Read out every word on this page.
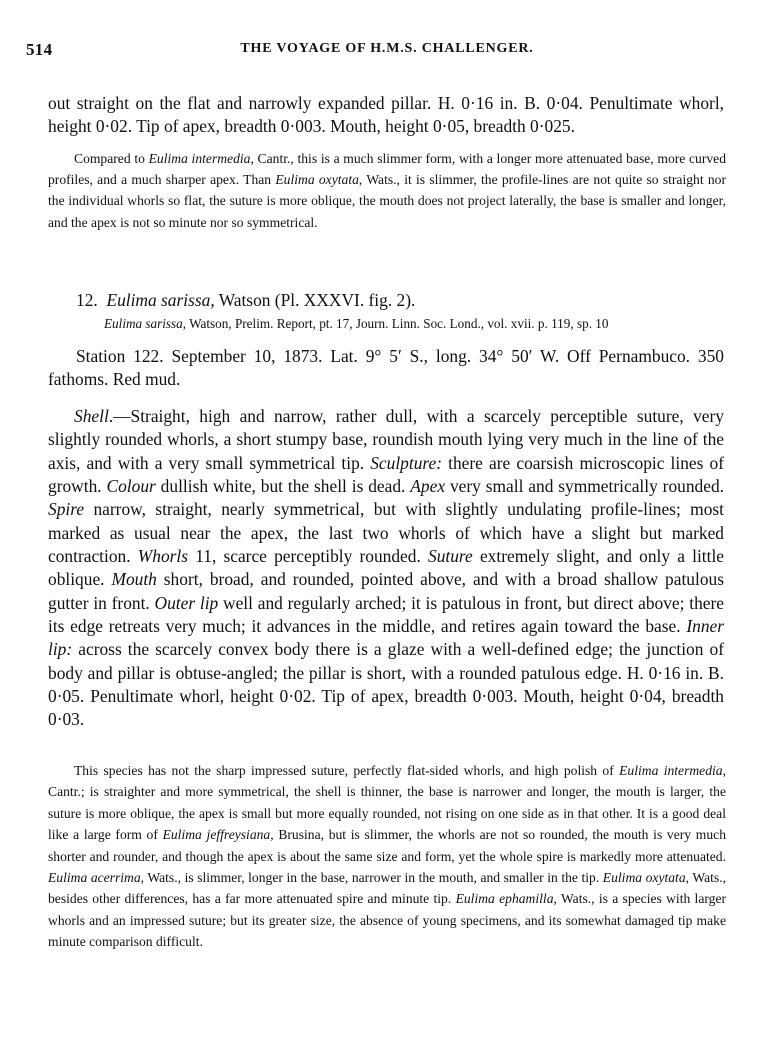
514	THE VOYAGE OF H.M.S. CHALLENGER.

out straight on the flat and narrowly expanded pillar. H. 0·16 in. B. 0·04. Penultimate whorl, height 0·02. Tip of apex, breadth 0·003. Mouth, height 0·05, breadth 0·025.

Compared to Eulima intermedia, Cantr., this is a much slimmer form, with a longer more attenuated base, more curved profiles, and a much sharper apex. Than Eulima oxytata, Wats., it is slimmer, the profile-lines are not quite so straight nor the individual whorls so flat, the suture is more oblique, the mouth does not project laterally, the base is smaller and longer, and the apex is not so minute nor so symmetrical.

12. Eulima sarissa, Watson (Pl. XXXVI. fig. 2).
Eulima sarissa, Watson, Prelim. Report, pt. 17, Journ. Linn. Soc. Lond., vol. xvii. p. 119, sp. 10

Station 122. September 10, 1873. Lat. 9° 5′ S., long. 34° 50′ W. Off Pernambuco. 350 fathoms. Red mud.

Shell.—Straight, high and narrow, rather dull, with a scarcely perceptible suture, very slightly rounded whorls, a short stumpy base, roundish mouth lying very much in the line of the axis, and with a very small symmetrical tip. Sculpture: there are coarsish microscopic lines of growth. Colour dullish white, but the shell is dead. Apex very small and symmetrically rounded. Spire narrow, straight, nearly symmetrical, but with slightly undulating profile-lines; most marked as usual near the apex, the last two whorls of which have a slight but marked contraction. Whorls 11, scarce perceptibly rounded. Suture extremely slight, and only a little oblique. Mouth short, broad, and rounded, pointed above, and with a broad shallow patulous gutter in front. Outer lip well and regularly arched; it is patulous in front, but direct above; there its edge retreats very much; it advances in the middle, and retires again toward the base. Inner lip: across the scarcely convex body there is a glaze with a well-defined edge; the junction of body and pillar is obtuse-angled; the pillar is short, with a rounded patulous edge. H. 0·16 in. B. 0·05. Penultimate whorl, height 0·02. Tip of apex, breadth 0·003. Mouth, height 0·04, breadth 0·03.

This species has not the sharp impressed suture, perfectly flat-sided whorls, and high polish of Eulima intermedia, Cantr.; is straighter and more symmetrical, the shell is thinner, the base is narrower and longer, the mouth is larger, the suture is more oblique, the apex is small but more equally rounded, not rising on one side as in that other. It is a good deal like a large form of Eulima jeffreysiana, Brusina, but is slimmer, the whorls are not so rounded, the mouth is very much shorter and rounder, and though the apex is about the same size and form, yet the whole spire is markedly more attenuated. Eulima acerrima, Wats., is slimmer, longer in the base, narrower in the mouth, and smaller in the tip. Eulima oxytata, Wats., besides other differences, has a far more attenuated spire and minute tip. Eulima ephamilla, Wats., is a species with larger whorls and an impressed suture; but its greater size, the absence of young specimens, and its somewhat damaged tip make minute comparison difficult.
